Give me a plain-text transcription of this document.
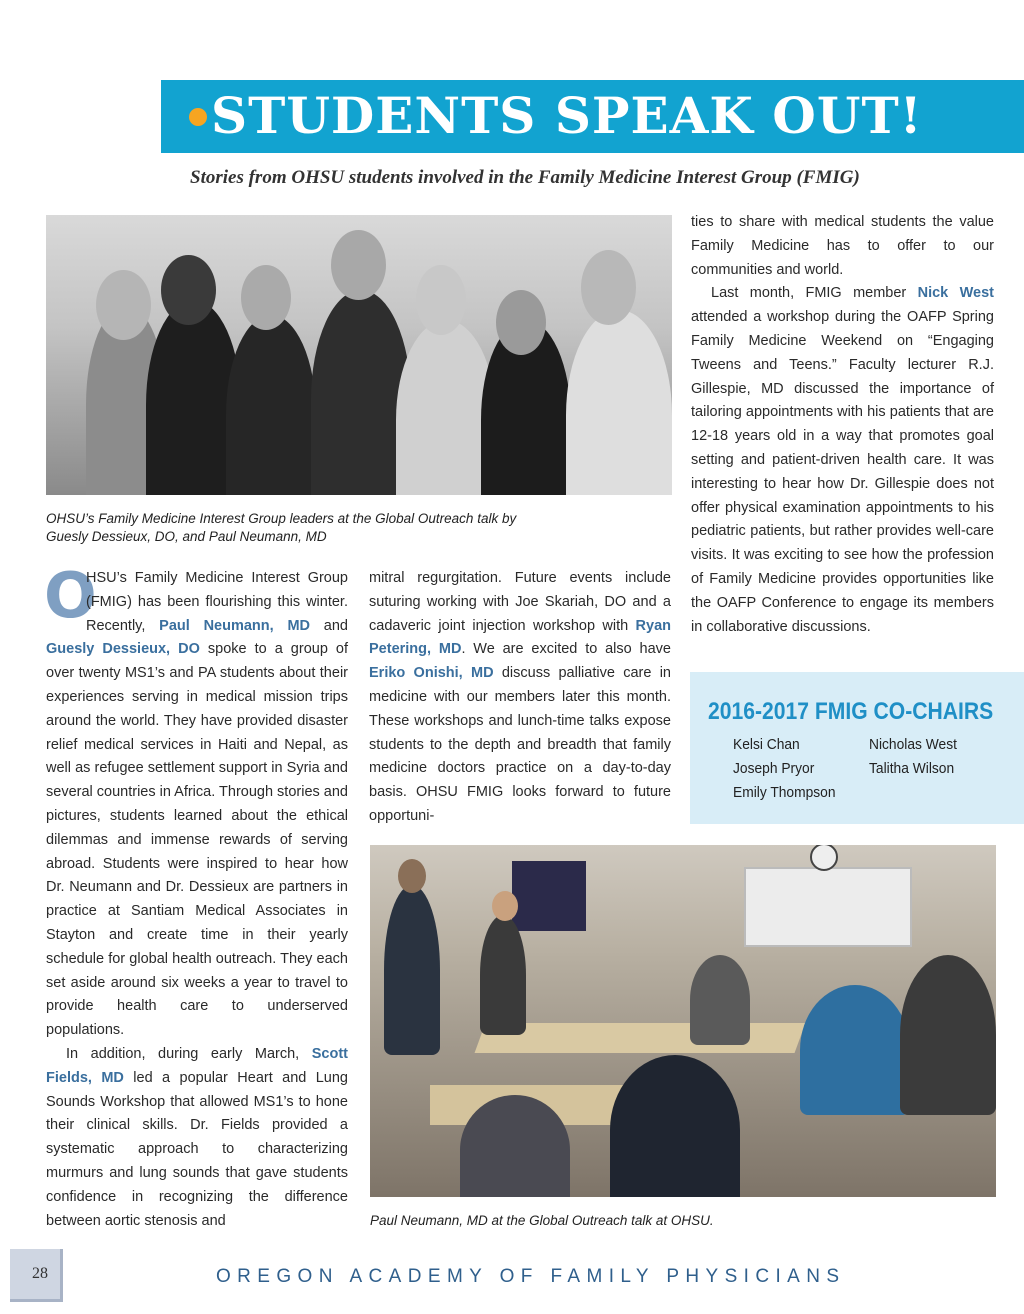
STUDENTS SPEAK OUT!

Stories from OHSU students involved in the Family Medicine Interest Group (FMIG)

OHSU’s Family Medicine Interest Group leaders at the Global Outreach talk by
Guesly Dessieux, DO, and Paul Neumann, MD

O
HSU’s Family Medicine Interest Group (FMIG) has been flourishing this winter. Recently, Paul Neumann, MD and Guesly Dessieux, DO spoke to a group of over twenty MS1’s and PA students about their experiences serving in medical mission trips around the world. They have provided disaster relief medical services in Haiti and Nepal, as well as refugee settlement support in Syria and several countries in Africa. Through stories and pictures, students learned about the ethical dilemmas and immense rewards of serving abroad. Students were inspired to hear how Dr. Neumann and Dr. Dessieux are partners in practice at Santiam Medical Associates in Stayton and create time in their yearly schedule for global health outreach. They each set aside around six weeks a year to travel to provide health care to underserved populations.

In addition, during early March, Scott Fields, MD led a popular Heart and Lung Sounds Workshop that allowed MS1’s to hone their clinical skills. Dr. Fields provided a systematic approach to characterizing murmurs and lung sounds that gave students confidence in recognizing the difference between aortic stenosis and

mitral regurgitation. Future events include suturing working with Joe Skariah, DO and a cadaveric joint injection workshop with Ryan Petering, MD. We are excited to also have Eriko Onishi, MD discuss palliative care in medicine with our members later this month. These workshops and lunch-time talks expose students to the depth and breadth that family medicine doctors practice on a day-to-day basis. OHSU FMIG looks forward to future opportuni-

ties to share with medical students the value Family Medicine has to offer to our communities and world.

Last month, FMIG member Nick West attended a workshop during the OAFP Spring Family Medicine Weekend on “Engaging Tweens and Teens.” Faculty lecturer R.J. Gillespie, MD discussed the importance of tailoring appointments with his patients that are 12-18 years old in a way that promotes goal setting and patient-driven health care. It was interesting to hear how Dr. Gillespie does not offer physical examination appointments to his pediatric patients, but rather provides well-care visits. It was exciting to see how the profession of Family Medicine provides opportunities like the OAFP Conference to engage its members in collaborative discussions.

2016-2017 FMIG CO-CHAIRS
Kelsi Chan	Nicholas West
Joseph Pryor	Talitha Wilson
Emily Thompson

Paul Neumann, MD at the Global Outreach talk at OHSU.

28	OREGON ACADEMY OF FAMILY PHYSICIANS
